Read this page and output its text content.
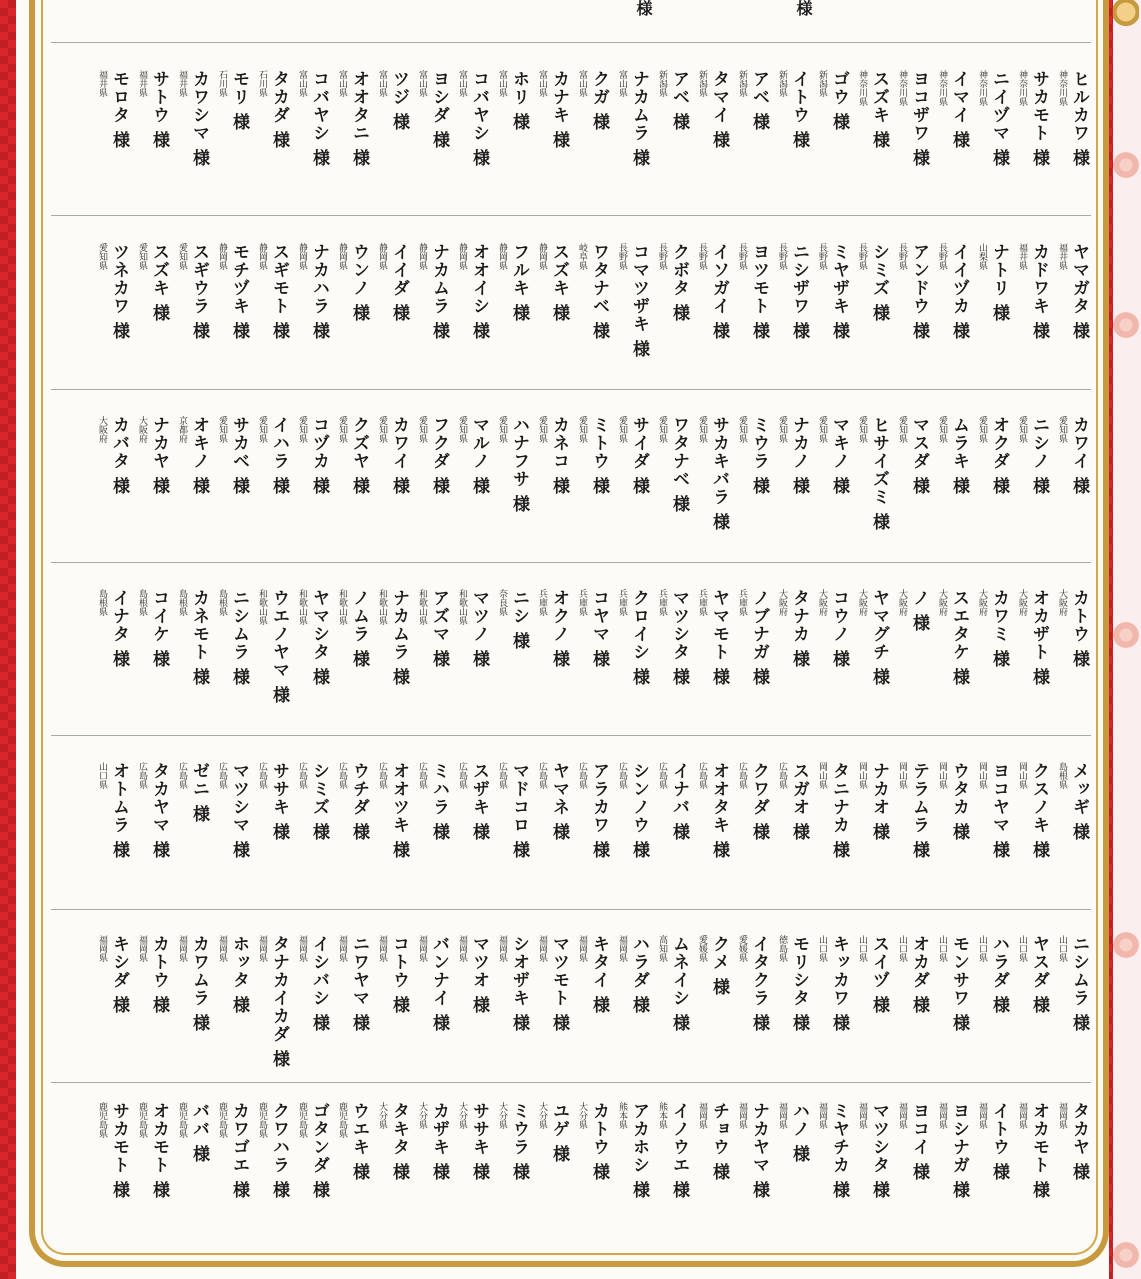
様	様
神奈川県 ヒルカワ 様
神奈川県 サカモト 様
神奈川県 ニイヅマ 様
神奈川県 イマイ 様
神奈川県 ヨコザワ 様
神奈川県 スズキ 様
新潟県 ゴウ 様
新潟県 イトウ 様
新潟県 アベ 様
新潟県 タマイ 様
新潟県 アベ 様
富山県 ナカムラ 様
富山県 クガ 様
富山県 カナキ 様
富山県 ホリ 様
富山県 コバヤシ 様
富山県 ヨシダ 様
富山県 ツジ 様
富山県 オオタニ 様
富山県 コバヤシ 様
石川県 タカダ 様
石川県 モリ 様
福井県 カワシマ 様
福井県 サトウ 様
福井県 モロタ 様
福井県 ヤマガタ 様
福井県 カドワキ 様
山梨県 ナトリ 様
長野県 イイヅカ 様
長野県 アンドウ 様
長野県 シミズ 様
長野県 ミヤザキ 様
長野県 ニシザワ 様
長野県 ヨツモト 様
長野県 イソガイ 様
長野県 クボタ 様
長野県 コマツザキ 様
岐阜県 ワタナベ 様
静岡県 スズキ 様
静岡県 フルキ 様
静岡県 オオイシ 様
静岡県 ナカムラ 様
静岡県 イイダ 様
静岡県 ウンノ 様
静岡県 ナカハラ 様
静岡県 スギモト 様
静岡県 モチヅキ 様
愛知県 スギウラ 様
愛知県 スズキ 様
愛知県 ツネカワ 様
愛知県 カワイ 様
愛知県 ニシノ 様
愛知県 オクダ 様
愛知県 ムラキ 様
愛知県 マスダ 様
愛知県 ヒサイズミ 様
愛知県 マキノ 様
愛知県 ナカノ 様
愛知県 ミウラ 様
愛知県 サカキバラ 様
愛知県 ワタナベ 様
愛知県 サイダ 様
愛知県 ミトウ 様
愛知県 カネコ 様
愛知県 ハナフサ 様
愛知県 マルノ 様
愛知県 フクダ 様
愛知県 カワイ 様
愛知県 クズヤ 様
愛知県 コヅカ 様
愛知県 イハラ 様
愛知県 サカベ 様
京都府 オキノ 様
大阪府 ナカヤ 様
大阪府 カバタ 様
大阪府 カトウ 様
大阪府 オカザト 様
大阪府 カワミ 様
大阪府 スエタケ 様
大阪府 ノ 様
大阪府 ヤマグチ 様
大阪府 コウノ 様
大阪府 タナカ 様
兵庫県 ノブナガ 様
兵庫県 ヤマモト 様
兵庫県 マツシタ 様
兵庫県 クロイシ 様
兵庫県 コヤマ 様
兵庫県 オクノ 様
奈良県 ニシ 様
和歌山県 マツノ 様
和歌山県 アズマ 様
和歌山県 ナカムラ 様
和歌山県 ノムラ 様
和歌山県 ヤマシタ 様
和歌山県 ウエノヤマ 様
島根県 ニシムラ 様
島根県 カネモト 様
島根県 コイケ 様
島根県 イナタ 様
島根県 メッギ 様
岡山県 クスノキ 様
岡山県 ヨコヤマ 様
岡山県 ウタカ 様
岡山県 テラムラ 様
岡山県 ナカオ 様
岡山県 タニナカ 様
広島県 スガオ 様
広島県 クワダ 様
広島県 オオタキ 様
広島県 イナバ 様
広島県 シンノウ 様
広島県 アラカワ 様
広島県 ヤマネ 様
広島県 マドコロ 様
広島県 スザキ 様
広島県 ミハラ 様
広島県 オオツキ 様
広島県 ウチダ 様
広島県 シミズ 様
広島県 ササキ 様
広島県 マツシマ 様
広島県 ゼニ 様
広島県 タカヤマ 様
山口県 オトムラ 様
山口県 ニシムラ 様
山口県 ヤスダ 様
山口県 ハラダ 様
山口県 モンサワ 様
山口県 オカダ 様
山口県 スイヅ 様
山口県 キッカワ 様
徳島県 モリシタ 様
愛媛県 イタクラ 様
愛媛県 クメ 様
高知県 ムネイシ 様
福岡県 ハラダ 様
福岡県 キタイ 様
福岡県 マツモト 様
福岡県 シオザキ 様
福岡県 マツオ 様
福岡県 バンナイ 様
福岡県 コトウ 様
福岡県 ニワヤマ 様
福岡県 イシバシ 様
福岡県 タナカイカダ 様
福岡県 ホッタ 様
福岡県 カワムラ 様
福岡県 カトウ 様
福岡県 キシダ 様
福岡県 タカヤ 様
福岡県 オカモト 様
福岡県 イトウ 様
福岡県 ヨシナガ 様
福岡県 ヨコイ 様
福岡県 マツシタ 様
福岡県 ミヤチカ 様
福岡県 ハノ 様
福岡県 ナカヤマ 様
福岡県 チョウ 様
熊本県 イノウエ 様
熊本県 アカホシ 様
大分県 カトウ 様
大分県 ユゲ 様
大分県 ミウラ 様
大分県 ササキ 様
大分県 カザキ 様
大分県 タキタ 様
鹿児島県 ウエキ 様
鹿児島県 ゴタンダ 様
鹿児島県 クワハラ 様
鹿児島県 カワゴエ 様
鹿児島県 ババ 様
鹿児島県 オカモト 様
鹿児島県 サカモト 様
